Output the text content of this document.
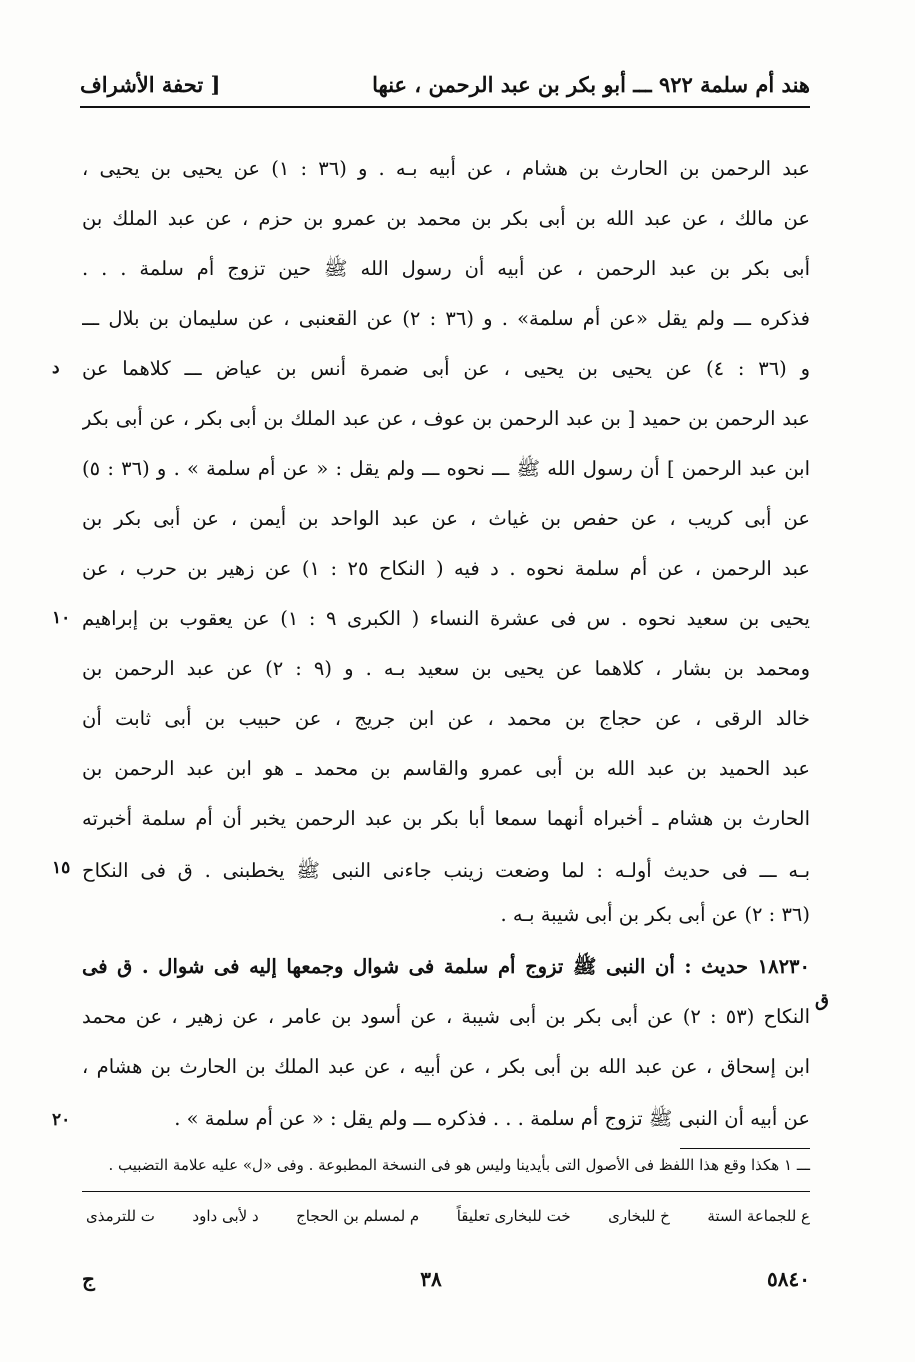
هند أم سلمة ٩٢٢ ـــ أبو بكر بن عبد الرحمن ، عنها
[ تحفة الأشراف
عبد الرحمن بن الحارث بن هشام ، عن أبيه بـه . و (٣٦ : ١) عن يحيى بن يحيى ،
عن مالك ، عن عبد الله بن أبى بكر بن محمد بن عمرو بن حزم ، عن عبد الملك بن
أبى بكر بن عبد الرحمن ، عن أبيه أن رسول الله ﷺ حين تزوج أم سلمة . . .
فذكره ـــ ولم يقل «عن أم سلمة» . و (٣٦ : ٢) عن القعنبى ، عن سليمان بن بلال ـــ
و (٣٦ : ٤) عن يحيى بن يحيى ، عن أبى ضمرة أنس بن عياض ـــ كلاهما عن
عبد الرحمن بن حميد [ بن عبد الرحمن بن عوف ، عن عبد الملك بن أبى بكر ، عن أبى بكر
ابن عبد الرحمن ] أن رسول الله ﷺ ـــ نحوه ـــ ولم يقل : « عن أم سلمة » . و (٣٦ : ٥)
عن أبى كريب ، عن حفص بن غياث ، عن عبد الواحد بن أيمن ، عن أبى بكر بن
عبد الرحمن ، عن أم سلمة نحوه . د فيه ( النكاح ٢٥ : ١) عن زهير بن حرب ، عن
يحيى بن سعيد نحوه . س فى عشرة النساء ( الكبرى ٩ : ١) عن يعقوب بن إبراهيم
ومحمد بن بشار ، كلاهما عن يحيى بن سعيد بـه . و (٩ : ٢) عن عبد الرحمن بن
خالد الرقى ، عن حجاج بن محمد ، عن ابن جريج ، عن حبيب بن أبى ثابت أن
عبد الحميد بن عبد الله بن أبى عمرو والقاسم بن محمد ـ هو ابن عبد الرحمن بن
الحارث بن هشام ـ أخبراه أنهما سمعا أبا بكر بن عبد الرحمن يخبر أن أم سلمة أخبرته
بـه ـــ فى حديث أولـه : لما وضعت زينب جاءنى النبى ﷺ يخطبنى . ق فى النكاح
(٣٦ : ٢) عن أبى بكر بن أبى شيبة بـه .
١٨٢٣٠ حديث : أن النبى ﷺ تزوج أم سلمة فى شوال وجمعها إليه فى شوال . ق فى
النكاح (٥٣ : ٢) عن أبى بكر بن أبى شيبة ، عن أسود بن عامر ، عن زهير ، عن محمد
ابن إسحاق ، عن عبد الله بن أبى بكر ، عن أبيه ، عن عبد الملك بن الحارث بن هشام ،
عن أبيه أن النبى ﷺ تزوج أم سلمة . . . فذكره ـــ ولم يقل : « عن أم سلمة » .
د
١٠
١٥
٢٠
ق
ـــ ١ هكذا وقع هذا اللفظ فى الأصول التى بأيدينا وليس هو فى النسخة المطبوعة . وفى «ل» عليه علامة التضبيب .
ع للجماعة الستة
خ للبخارى
خت للبخارى تعليقاً
م لمسلم بن الحجاج
د لأبى داود
ت للترمذى
٥٨٤٠
٣٨
ج
